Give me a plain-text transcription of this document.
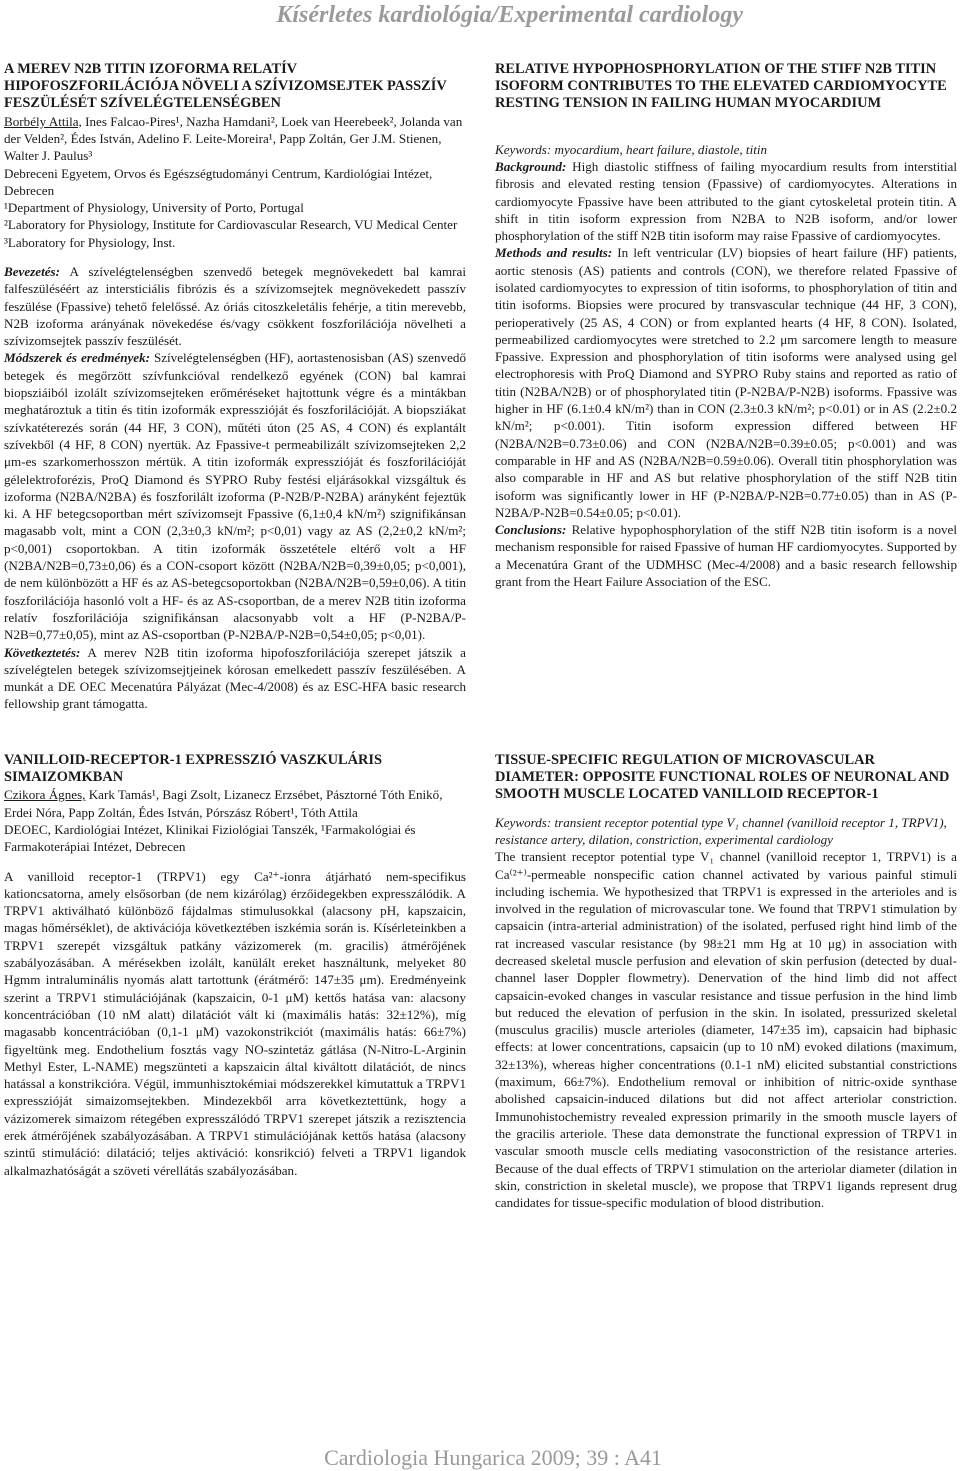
Kísérletes kardiológia/Experimental cardiology
A MEREV N2B TITIN IZOFORMA RELATÍV HIPOFOSZFORILÁCIÓJA NÖVELI A SZÍVIZOMSEJTEK PASSZÍV FESZÜLÉSÉT SZÍVELÉGTELENSÉGBEN

Borbély Attila, Ines Falcao-Pires¹, Nazha Hamdani², Loek van Heerebeek², Jolanda van der Velden², Édes István, Adelino F. Leite-Moreira¹, Papp Zoltán, Ger J.M. Stienen, Walter J. Paulus³

Debreceni Egyetem, Orvos és Egészségtudományi Centrum, Kardiológiai Intézet, Debrecen

¹Department of Physiology, University of Porto, Portugal

²Laboratory for Physiology, Institute for Cardiovascular Research, VU Medical Center

³Laboratory for Physiology, Inst.

Bevezetés: A szívelégtelenségben szenvedő betegek megnövekedett bal kamrai falfeszüléséért az intersticiális fibrózis és a szívizomsejtek megnövekedett passzív feszülése (Fpassive) tehető felelőssé. Az óriás citoszkeletális fehérje, a titin merevebb, N2B izoforma arányának növekedése és/vagy csökkent foszforilációja növelheti a szívizomsejtek passzív feszülését.

Módszerek és eredmények: Szívelégtelenségben (HF), aortastenosisban (AS) szenvedő betegek és megőrzött szívfunkcióval rendelkező egyének (CON) bal kamrai biopsziáiból izolált szívizomsejteken erőméréseket hajtottunk végre és a mintákban meghatároztuk a titin és titin izoformák expresszióját és foszforilációját. A biopsziákat szívkatéterezés során (44 HF, 3 CON), műtéti úton (25 AS, 4 CON) és explantált szívekből (4 HF, 8 CON) nyertük. Az Fpassive-t permeabilizált szívizomsejteken 2,2 μm-es szarkomerhosszon mértük. A titin izoformák expresszióját és foszforilációját gélelektroforézis, ProQ Diamond és SYPRO Ruby festési eljárásokkal vizsgáltuk és izoforma (N2BA/N2BA) és foszforilált izoforma (P-N2B/P-N2BA) arányként fejeztük ki. A HF betegcsoportban mért szívizomsejt Fpassive (6,1±0,4 kN/m²) szignifikánsan magasabb volt, mint a CON (2,3±0,3 kN/m²; p<0,01) vagy az AS (2,2±0,2 kN/m²; p<0,001) csoportokban. A titin izoformák összetétele eltérő volt a HF (N2BA/N2B=0,73±0,06) és a CON-csoport között (N2BA/N2B=0,39±0,05; p<0,001), de nem különbözött a HF és az AS-betegcsoportokban (N2BA/N2B=0,59±0,06). A titin foszforilációja hasonló volt a HF- és az AS-csoportban, de a merev N2B titin izoforma relatív foszforilációja szignifikánsan alacsonyabb volt a HF (P-N2BA/P-N2B=0,77±0,05), mint az AS-csoportban (P-N2BA/P-N2B=0,54±0,05; p<0,01).

Következtetés: A merev N2B titin izoforma hipofoszforilációja szerepet játszik a szívelégtelen betegek szívizomsejtjeinek kórosan emelkedett passzív feszülésében. A munkát a DE OEC Mecenatúra Pályázat (Mec-4/2008) és az ESC-HFA basic research fellowship grant támogatta.

RELATIVE HYPOPHOSPHORYLATION OF THE STIFF N2B TITIN ISOFORM CONTRIBUTES TO THE ELEVATED CARDIOMYOCYTE RESTING TENSION IN FAILING HUMAN MYOCARDIUM

Keywords: myocardium, heart failure, diastole, titin

Background: High diastolic stiffness of failing myocardium results from interstitial fibrosis and elevated resting tension (Fpassive) of cardiomyocytes. Alterations in cardiomyocyte Fpassive have been attributed to the giant cytoskeletal protein titin. A shift in titin isoform expression from N2BA to N2B isoform, and/or lower phosphorylation of the stiff N2B titin isoform may raise Fpassive of cardiomyocytes.

Methods and results: In left ventricular (LV) biopsies of heart failure (HF) patients, aortic stenosis (AS) patients and controls (CON), we therefore related Fpassive of isolated cardiomyocytes to expression of titin isoforms, to phosphorylation of titin and titin isoforms. Biopsies were procured by transvascular technique (44 HF, 3 CON), perioperatively (25 AS, 4 CON) or from explanted hearts (4 HF, 8 CON). Isolated, permeabilized cardiomyocytes were stretched to 2.2 μm sarcomere length to measure Fpassive. Expression and phosphorylation of titin isoforms were analysed using gel electrophoresis with ProQ Diamond and SYPRO Ruby stains and reported as ratio of titin (N2BA/N2B) or of phosphorylated titin (P-N2BA/P-N2B) isoforms. Fpassive was higher in HF (6.1±0.4 kN/m²) than in CON (2.3±0.3 kN/m²; p<0.01) or in AS (2.2±0.2 kN/m²; p<0.001). Titin isoform expression differed between HF (N2BA/N2B=0.73±0.06) and CON (N2BA/N2B=0.39±0.05; p<0.001) and was comparable in HF and AS (N2BA/N2B=0.59±0.06). Overall titin phosphorylation was also comparable in HF and AS but relative phosphorylation of the stiff N2B titin isoform was significantly lower in HF (P-N2BA/P-N2B=0.77±0.05) than in AS (P-N2BA/P-N2B=0.54±0.05; p<0.01).

Conclusions: Relative hypophosphorylation of the stiff N2B titin isoform is a novel mechanism responsible for raised Fpassive of human HF cardiomyocytes. Supported by a Mecenatúra Grant of the UDMHSC (Mec-4/2008) and a basic research fellowship grant from the Heart Failure Association of the ESC.

VANILLOID-RECEPTOR-1 EXPRESSZIÓ VASZKULÁRIS SIMAIZOMKBAN

Czikora Ágnes, Kark Tamás¹, Bagi Zsolt, Lizanecz Erzsébet, Pásztorné Tóth Enikő, Erdei Nóra, Papp Zoltán, Édes István, Pórszász Róbert¹, Tóth Attila

DEOEC, Kardiológiai Intézet, Klinikai Fiziológiai Tanszék, ¹Farmakológiai és Farmakoterápiai Intézet, Debrecen

A vanilloid receptor-1 (TRPV1) egy Ca²⁺-ionra átjárható nem-specifikus kationcsatorna, amely elsősorban (de nem kizárólag) érzőidegekben expresszálódik. A TRPV1 aktiválható különböző fájdalmas stimulusokkal (alacsony pH, kapszaicin, magas hőmérséklet), de aktivációja következtében iszkémia során is. Kísérleteinkben a TRPV1 szerepét vizsgáltuk patkány vázizomerek (m. gracilis) átmérőjének szabályozásában. A mérésekben izolált, kanülált ereket használtunk, melyeket 80 Hgmm intraluminális nyomás alatt tartottunk (érátmérő: 147±35 μm). Eredményeink szerint a TRPV1 stimulációjának (kapszaicin, 0-1 μM) kettős hatása van: alacsony koncentrációban (10 nM alatt) dilatációt vált ki (maximális hatás: 32±12%), míg magasabb koncentrációban (0,1-1 μM) vazokonstrikciót (maximális hatás: 66±7%) figyeltünk meg. Endothelium fosztás vagy NO-szintetáz gátlása (N-Nitro-L-Arginin Methyl Ester, L-NAME) megszünteti a kapszaicin által kiváltott dilatációt, de nincs hatással a konstrikcióra. Végül, immunhisztokémiai módszerekkel kimutattuk a TRPV1 expresszióját simaizomsejtekben. Mindezekből arra következtettünk, hogy a vázizomerek simaizom rétegében expresszálódó TRPV1 szerepet játszik a rezisztencia erek átmérőjének szabályozásában. A TRPV1 stimulációjának kettős hatása (alacsony szintű stimuláció: dilatáció; teljes aktiváció: konsrikció) felveti a TRPV1 ligandok alkalmazhatóságát a szöveti vérellátás szabályozásában.

TISSUE-SPECIFIC REGULATION OF MICROVASCULAR DIAMETER: OPPOSITE FUNCTIONAL ROLES OF NEURONAL AND SMOOTH MUSCLE LOCATED VANILLOID RECEPTOR-1

Keywords: transient receptor potential type V₁ channel (vanilloid receptor 1, TRPV1), resistance artery, dilation, constriction, experimental cardiology

The transient receptor potential type V₁ channel (vanilloid receptor 1, TRPV1) is a Ca⁽²⁺⁾-permeable nonspecific cation channel activated by various painful stimuli including ischemia. We hypothesized that TRPV1 is expressed in the arterioles and is involved in the regulation of microvascular tone. We found that TRPV1 stimulation by capsaicin (intra-arterial administration) of the isolated, perfused right hind limb of the rat increased vascular resistance (by 98±21 mm Hg at 10 μg) in association with decreased skeletal muscle perfusion and elevation of skin perfusion (detected by dual-channel laser Doppler flowmetry). Denervation of the hind limb did not affect capsaicin-evoked changes in vascular resistance and tissue perfusion in the hind limb but reduced the elevation of perfusion in the skin. In isolated, pressurized skeletal (musculus gracilis) muscle arterioles (diameter, 147±35 ìm), capsaicin had biphasic effects: at lower concentrations, capsaicin (up to 10 nM) evoked dilations (maximum, 32±13%), whereas higher concentrations (0.1-1 nM) elicited substantial constrictions (maximum, 66±7%). Endothelium removal or inhibition of nitric-oxide synthase abolished capsaicin-induced dilations but did not affect arteriolar constriction. Immunohistochemistry revealed expression primarily in the smooth muscle layers of the gracilis arteriole. These data demonstrate the functional expression of TRPV1 in vascular smooth muscle cells mediating vasoconstriction of the resistance arteries. Because of the dual effects of TRPV1 stimulation on the arteriolar diameter (dilation in skin, constriction in skeletal muscle), we propose that TRPV1 ligands represent drug candidates for tissue-specific modulation of blood distribution.

Cardiologia Hungarica 2009; 39 : A41
